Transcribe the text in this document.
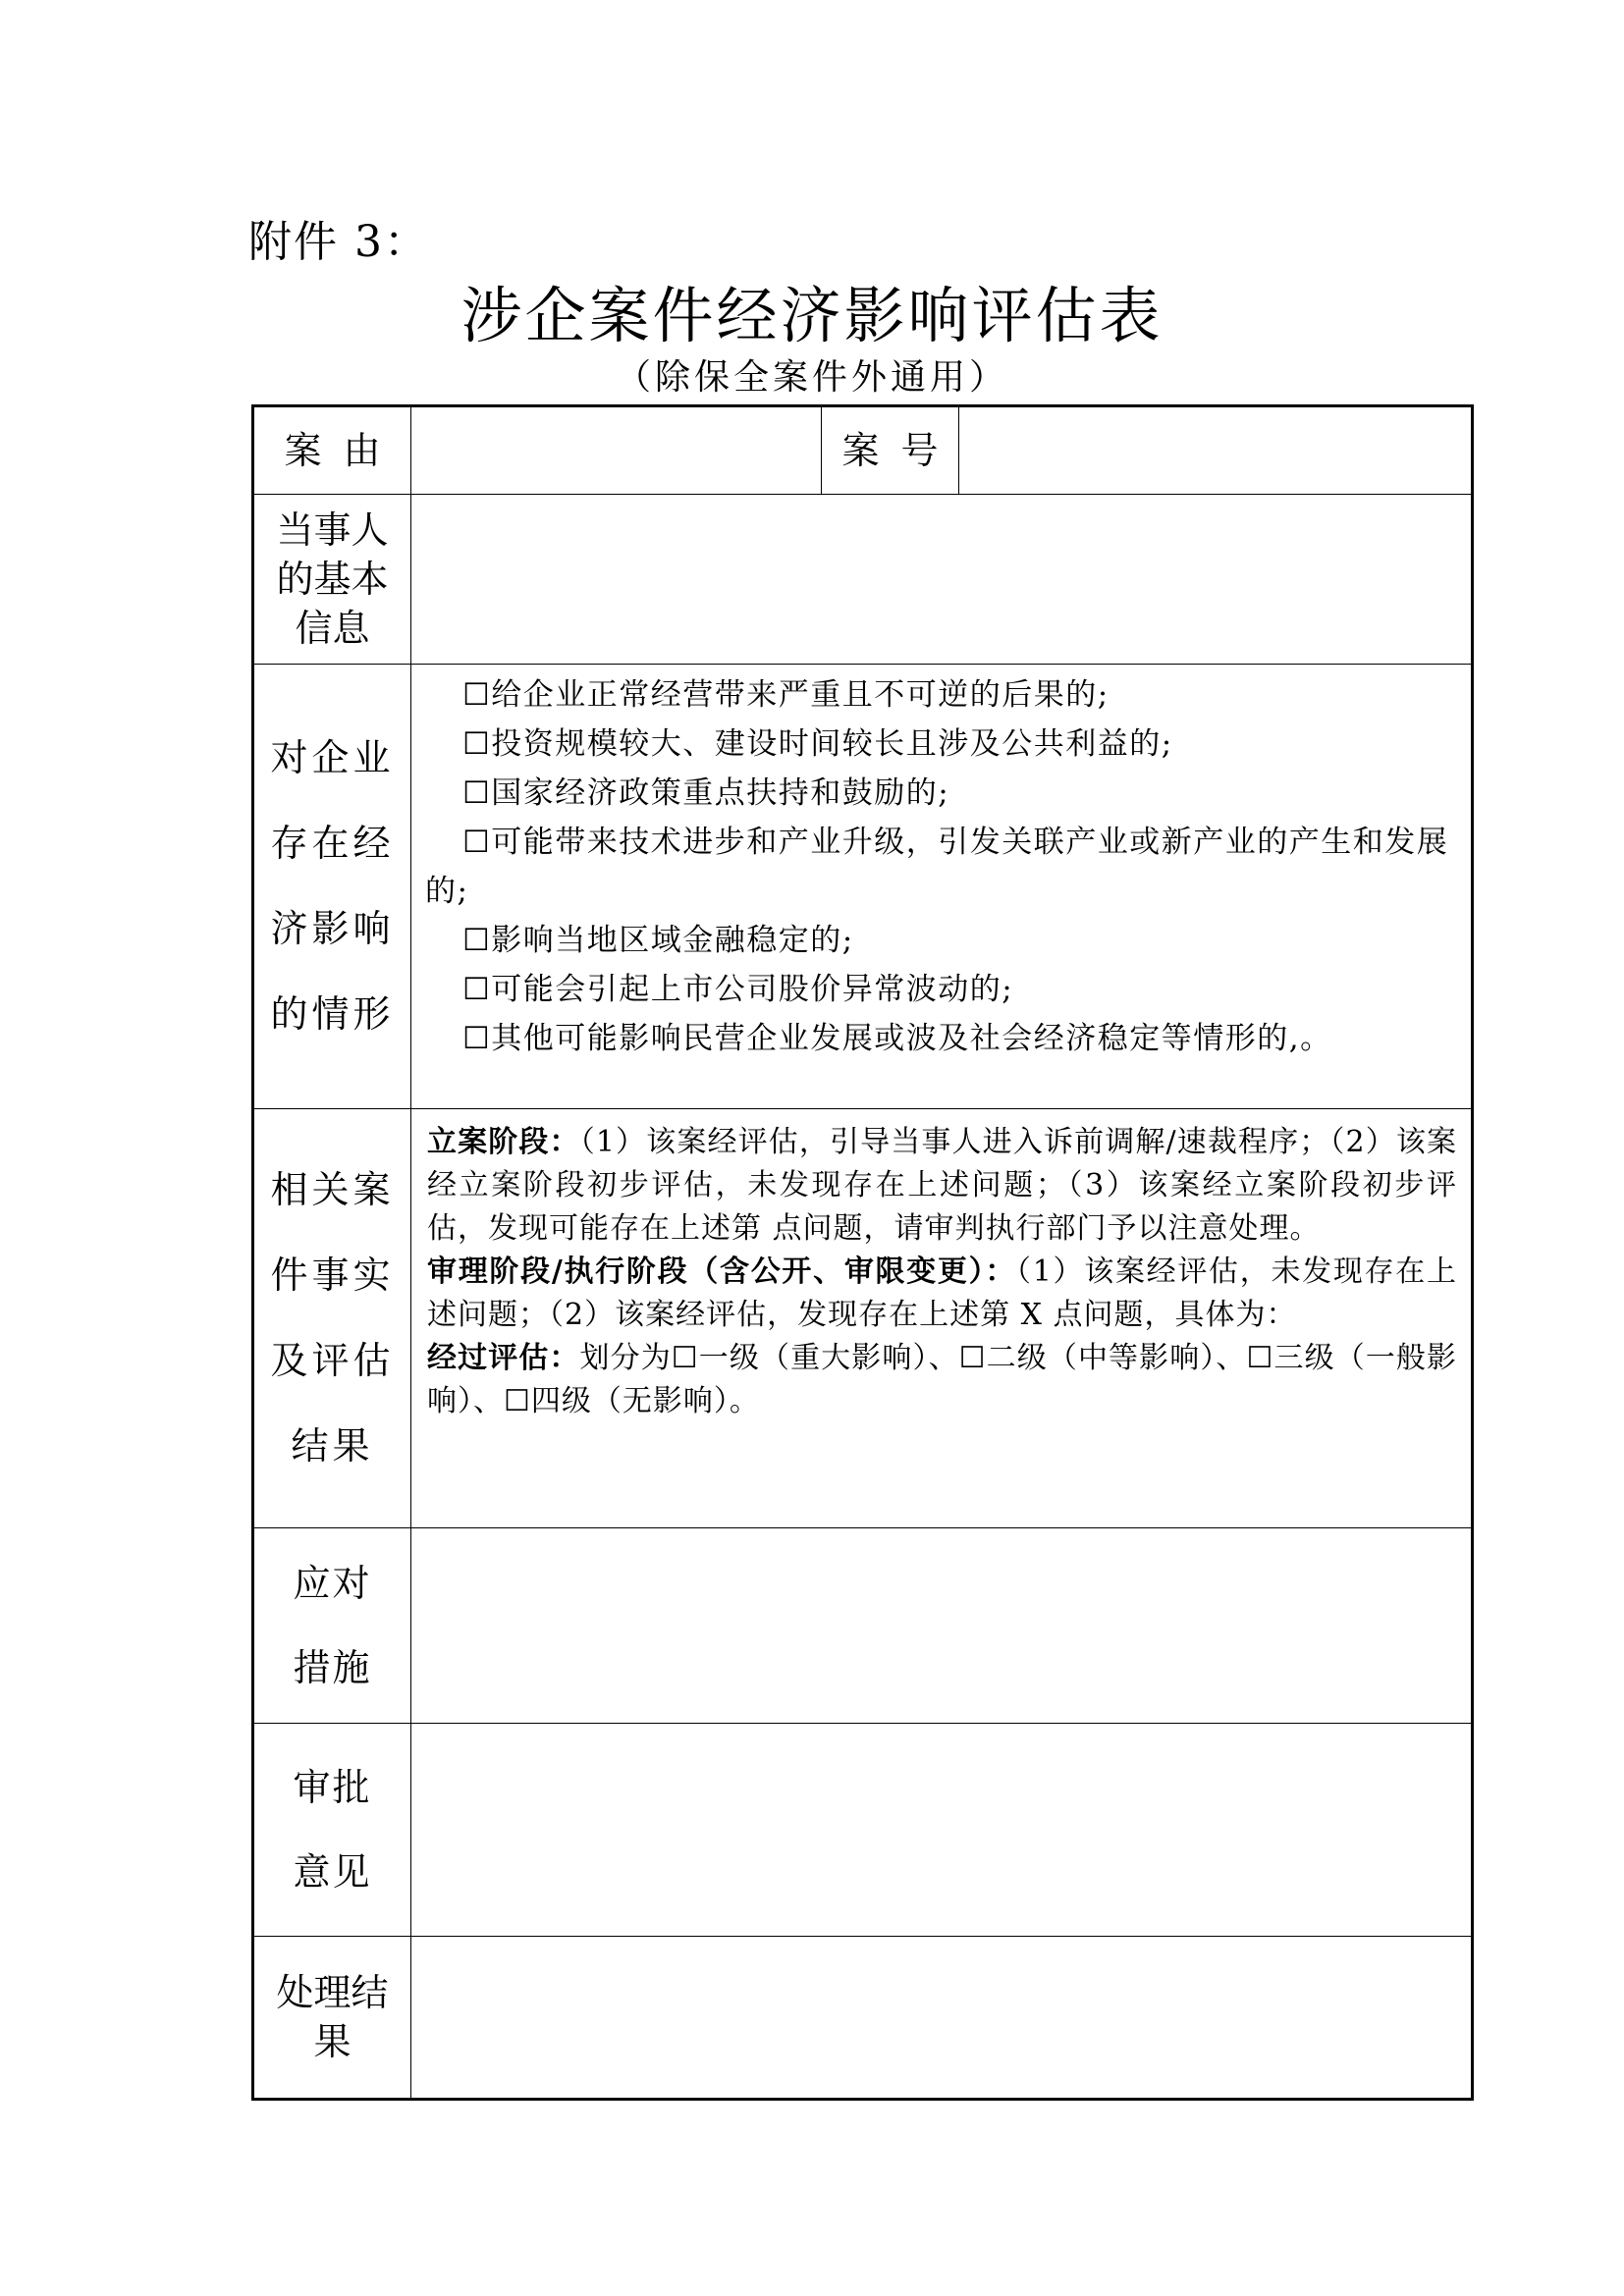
附件 3：
涉企案件经济影响评估表
（除保全案件外通用）
案由	案号
当事人的基本信息
对企业存在经济影响的情形

☐给企业正常经营带来严重且不可逆的后果的;

☐投资规模较大、建设时间较长且涉及公共利益的;

☐国家经济政策重点扶持和鼓励的;

☐可能带来技术进步和产业升级，引发关联产业或新产业的产生和发展的;

☐影响当地区域金融稳定的;

☐可能会引起上市公司股价异常波动的;

☐其他可能影响民营企业发展或波及社会经济稳定等情形的,。

相关案件事实及评估结果

立案阶段：（1）该案经评估，引导当事人进入诉前调解/速裁程序；（2）该案经立案阶段初步评估，未发现存在上述问题；（3）该案经立案阶段初步评估，发现可能存在上述第 点问题，请审判执行部门予以注意处理。

审理阶段/执行阶段（含公开、审限变更）：（1）该案经评估，未发现存在上述问题；（2）该案经评估，发现存在上述第 X 点问题，具体为：

经过评估：划分为☐一级（重大影响）、☐二级（中等影响）、☐三级（一般影响）、☐四级（无影响）。

应对措施
审批意见
处理结果
